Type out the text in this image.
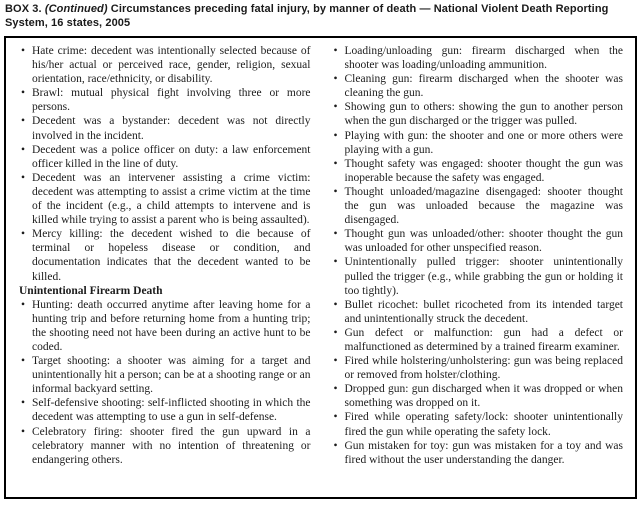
BOX 3. (Continued) Circumstances preceding fatal injury, by manner of death — National Violent Death Reporting System, 16 states, 2005
• Hate crime: decedent was intentionally selected because of his/her actual or perceived race, gender, religion, sexual orientation, race/ethnicity, or disability.
• Brawl: mutual physical fight involving three or more persons.
• Decedent was a bystander: decedent was not directly involved in the incident.
• Decedent was a police officer on duty: a law enforcement officer killed in the line of duty.
• Decedent was an intervener assisting a crime victim: decedent was attempting to assist a crime victim at the time of the incident (e.g., a child attempts to intervene and is killed while trying to assist a parent who is being assaulted).
• Mercy killing: the decedent wished to die because of terminal or hopeless disease or condition, and documentation indicates that the decedent wanted to be killed.
Unintentional Firearm Death
• Hunting: death occurred anytime after leaving home for a hunting trip and before returning home from a hunting trip; the shooting need not have been during an active hunt to be coded.
• Target shooting: a shooter was aiming for a target and unintentionally hit a person; can be at a shooting range or an informal backyard setting.
• Self-defensive shooting: self-inflicted shooting in which the decedent was attempting to use a gun in self-defense.
• Celebratory firing: shooter fired the gun upward in a celebratory manner with no intention of threatening or endangering others.
• Loading/unloading gun: firearm discharged when the shooter was loading/unloading ammunition.
• Cleaning gun: firearm discharged when the shooter was cleaning the gun.
• Showing gun to others: showing the gun to another person when the gun discharged or the trigger was pulled.
• Playing with gun: the shooter and one or more others were playing with a gun.
• Thought safety was engaged: shooter thought the gun was inoperable because the safety was engaged.
• Thought unloaded/magazine disengaged: shooter thought the gun was unloaded because the magazine was disengaged.
• Thought gun was unloaded/other: shooter thought the gun was unloaded for other unspecified reason.
• Unintentionally pulled trigger: shooter unintentionally pulled the trigger (e.g., while grabbing the gun or holding it too tightly).
• Bullet ricochet: bullet ricocheted from its intended target and unintentionally struck the decedent.
• Gun defect or malfunction: gun had a defect or malfunctioned as determined by a trained firearm examiner.
• Fired while holstering/unholstering: gun was being replaced or removed from holster/clothing.
• Dropped gun: gun discharged when it was dropped or when something was dropped on it.
• Fired while operating safety/lock: shooter unintentionally fired the gun while operating the safety lock.
• Gun mistaken for toy: gun was mistaken for a toy and was fired without the user understanding the danger.
